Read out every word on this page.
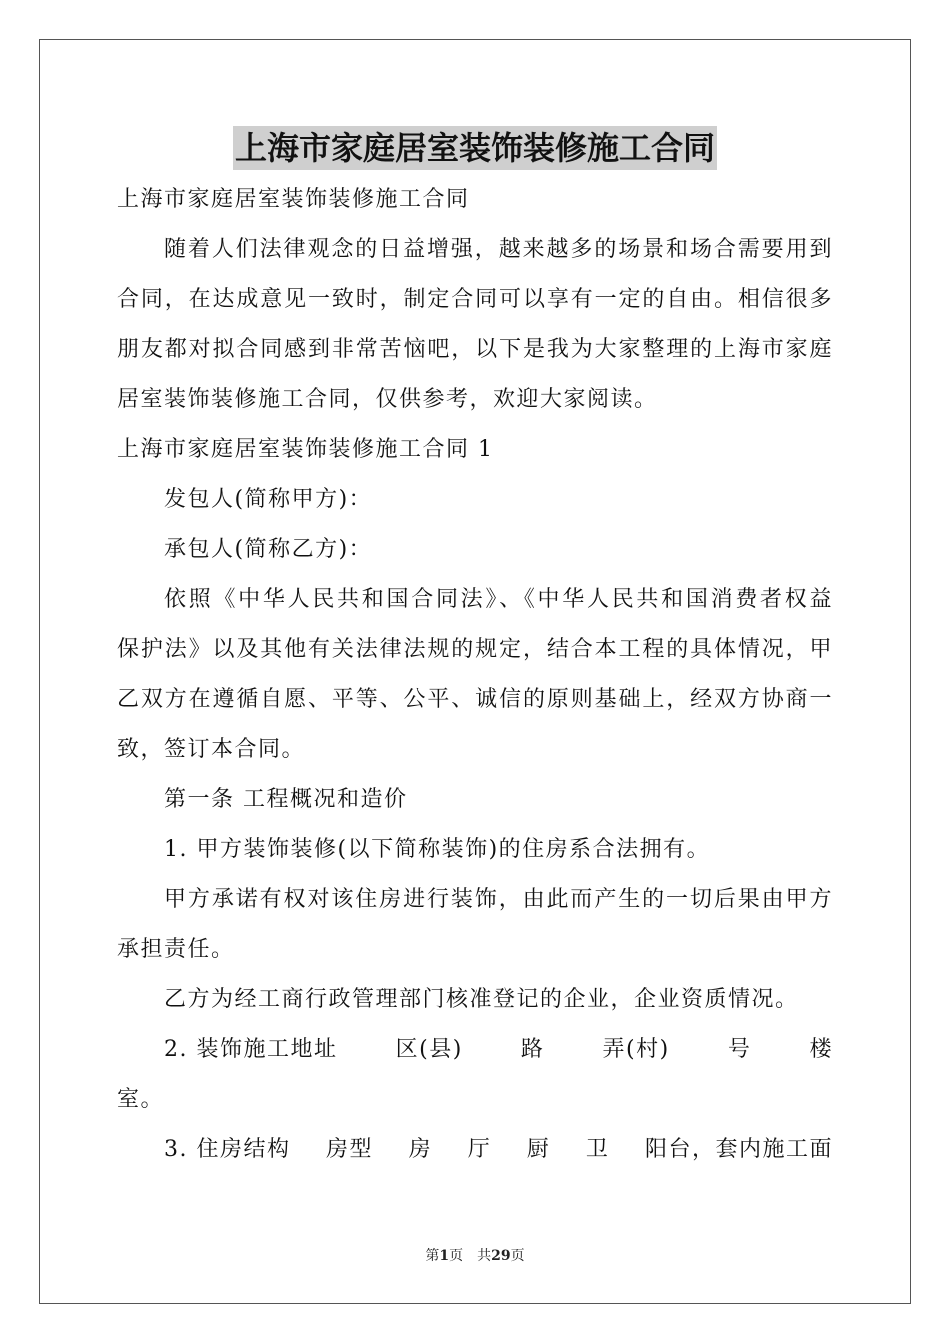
上海市家庭居室装饰装修施工合同
上海市家庭居室装饰装修施工合同
随着人们法律观念的日益增强，越来越多的场景和场合需要用到
合同，在达成意见一致时，制定合同可以享有一定的自由。相信很多
朋友都对拟合同感到非常苦恼吧，以下是我为大家整理的上海市家庭
居室装饰装修施工合同，仅供参考，欢迎大家阅读。
上海市家庭居室装饰装修施工合同 1
发包人(简称甲方)：
承包人(简称乙方)：
依照《中华人民共和国合同法》、《中华人民共和国消费者权益
保护法》以及其他有关法律法规的规定，结合本工程的具体情况，甲
乙双方在遵循自愿、平等、公平、诚信的原则基础上，经双方协商一
致，签订本合同。
第一条 工程概况和造价
1. 甲方装饰装修(以下简称装饰)的住房系合法拥有。
甲方承诺有权对该住房进行装饰，由此而产生的一切后果由甲方
承担责任。
乙方为经工商行政管理部门核准登记的企业，企业资质情况。
2. 装饰施工地址	区(县)	路	弄(村)	号	楼
室。
3. 住房结构 房型 房 厅 厨 卫 阳台，套内施工面
第1页 共29页
